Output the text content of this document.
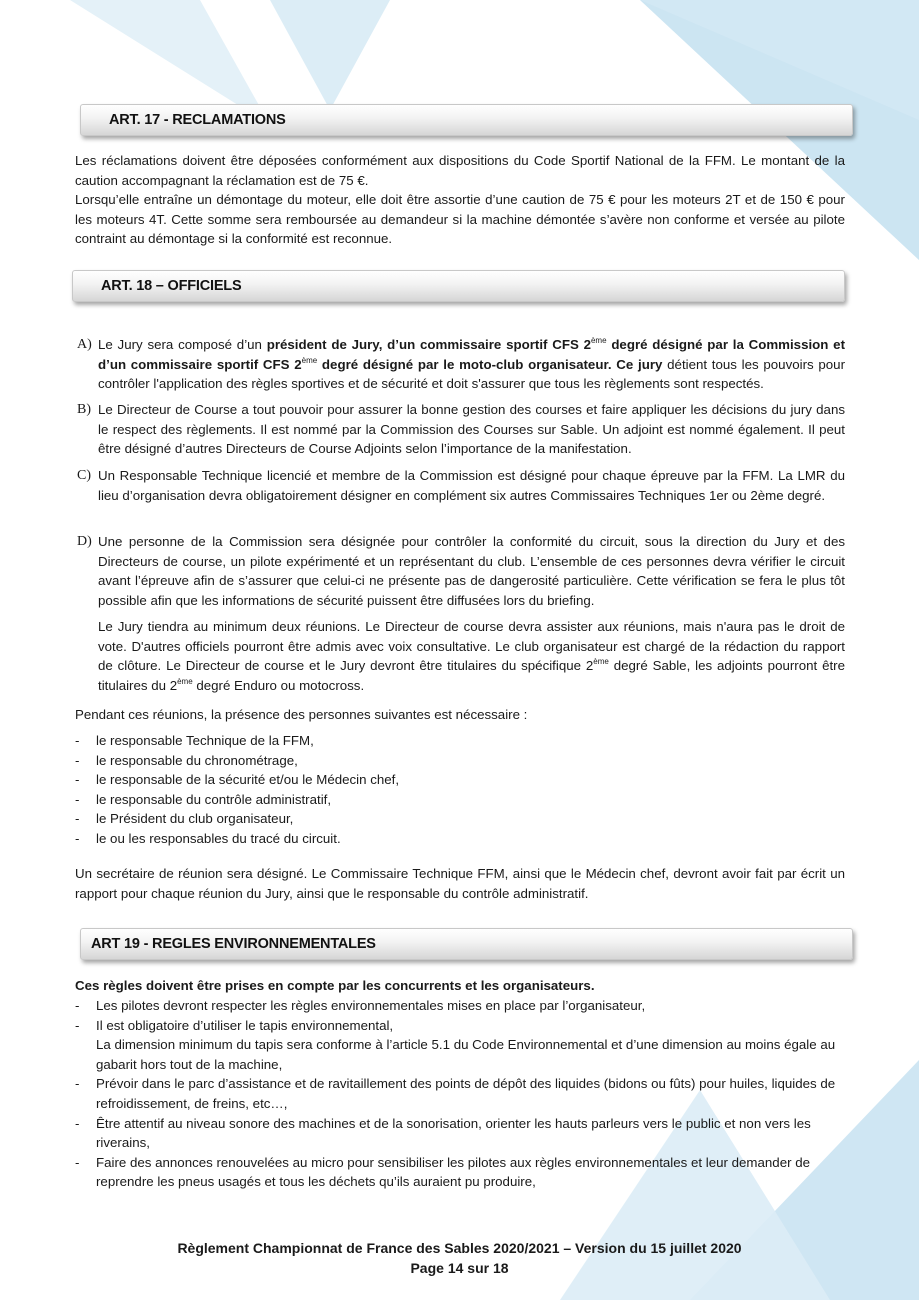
ART. 17 - RECLAMATIONS

Les réclamations doivent être déposées conformément aux dispositions du Code Sportif National de la FFM. Le montant de la caution accompagnant la réclamation est de 75 €.

Lorsqu’elle entraîne un démontage du moteur, elle doit être assortie d’une caution de 75 € pour les moteurs 2T et de 150 € pour les moteurs 4T. Cette somme sera remboursée au demandeur si la machine démontée s’avère non conforme et versée au pilote contraint au démontage si la conformité est reconnue.

ART. 18 – OFFICIELS
A) Le Jury sera composé d’un président de Jury, d’un commissaire sportif CFS 2ème degré désigné par la Commission et d’un commissaire sportif CFS 2ème degré désigné par le moto-club organisateur. Ce jury détient tous les pouvoirs pour contrôler l'application des règles sportives et de sécurité et doit s'assurer que tous les règlements sont respectés.
B) Le Directeur de Course a tout pouvoir pour assurer la bonne gestion des courses et faire appliquer les décisions du jury dans le respect des règlements. Il est nommé par la Commission des Courses sur Sable. Un adjoint est nommé également. Il peut être désigné d’autres Directeurs de Course Adjoints selon l’importance de la manifestation.
C) Un Responsable Technique licencié et membre de la Commission est désigné pour chaque épreuve par la FFM. La LMR du lieu d’organisation devra obligatoirement désigner en complément six autres Commissaires Techniques 1er ou 2ème degré.
D) Une personne de la Commission sera désignée pour contrôler la conformité du circuit, sous la direction du Jury et des Directeurs de course, un pilote expérimenté et un représentant du club. L’ensemble de ces personnes devra vérifier le circuit avant l’épreuve afin de s’assurer que celui-ci ne présente pas de dangerosité particulière. Cette vérification se fera le plus tôt possible afin que les informations de sécurité puissent être diffusées lors du briefing.
Le Jury tiendra au minimum deux réunions. Le Directeur de course devra assister aux réunions, mais n'aura pas le droit de vote. D'autres officiels pourront être admis avec voix consultative. Le club organisateur est chargé de la rédaction du rapport de clôture. Le Directeur de course et le Jury devront être titulaires du spécifique 2ème degré Sable, les adjoints pourront être titulaires du 2ème degré Enduro ou motocross.
Pendant ces réunions, la présence des personnes suivantes est nécessaire :
- le responsable Technique de la FFM,
- le responsable du chronométrage,
- le responsable de la sécurité et/ou le Médecin chef,
- le responsable du contrôle administratif,
- le Président du club organisateur,
- le ou les responsables du tracé du circuit.
Un secrétaire de réunion sera désigné. Le Commissaire Technique FFM, ainsi que le Médecin chef, devront avoir fait par écrit un rapport pour chaque réunion du Jury, ainsi que le responsable du contrôle administratif.
ART 19 - REGLES ENVIRONNEMENTALES
Ces règles doivent être prises en compte par les concurrents et les organisateurs.
- Les pilotes devront respecter les règles environnementales mises en place par l’organisateur,
- Il est obligatoire d’utiliser le tapis environnemental,
La dimension minimum du tapis sera conforme à l’article 5.1 du Code Environnemental et d’une dimension au moins égale au gabarit hors tout de la machine,
- Prévoir dans le parc d’assistance et de ravitaillement des points de dépôt des liquides (bidons ou fûts) pour huiles, liquides de refroidissement, de freins, etc…,
- Être attentif au niveau sonore des machines et de la sonorisation, orienter les hauts parleurs vers le public et non vers les riverains,
- Faire des annonces renouvelées au micro pour sensibiliser les pilotes aux règles environnementales et leur demander de reprendre les pneus usagés et tous les déchets qu’ils auraient pu produire,
Règlement Championnat de France des Sables 2020/2021 – Version du 15 juillet 2020
Page 14 sur 18
